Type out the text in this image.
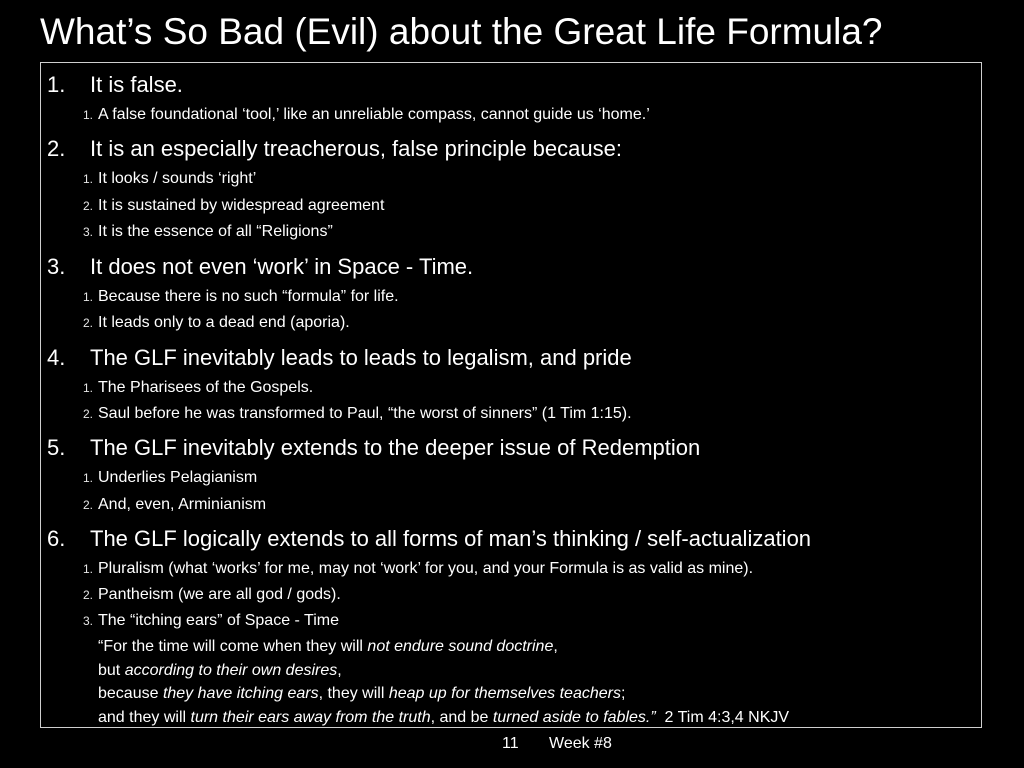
What’s So Bad (Evil) about the Great Life Formula?
1. It is false.
1. A false foundational ‘tool,’ like an unreliable compass, cannot guide us ‘home.’
2. It is an especially treacherous, false principle because:
1. It looks / sounds ‘right’
2. It is sustained by widespread agreement
3. It is the essence of all “Religions”
3. It does not even ‘work’ in Space - Time.
1. Because there is no such “formula” for life.
2. It leads only to a dead end (aporia).
4. The GLF inevitably leads to leads to legalism, and pride
1. The Pharisees of the Gospels.
2. Saul before he was transformed to Paul, “the worst of sinners” (1 Tim 1:15).
5. The GLF inevitably extends to the deeper issue of Redemption
1. Underlies Pelagianism
2. And, even, Arminianism
6. The GLF logically extends to all forms of man’s thinking / self-actualization
1. Pluralism (what ‘works’ for me, may not ‘work’ for you, and your Formula is as valid as mine).
2. Pantheism (we are all god / gods).
3. The “itching ears” of Space - Time
“For the time will come when they will not endure sound doctrine,
but according to their own desires,
because they have itching ears, they will heap up for themselves teachers;
and they will turn their ears away from the truth, and be turned aside to fables.”  2 Tim 4:3,4 NKJV
11 Week #8
